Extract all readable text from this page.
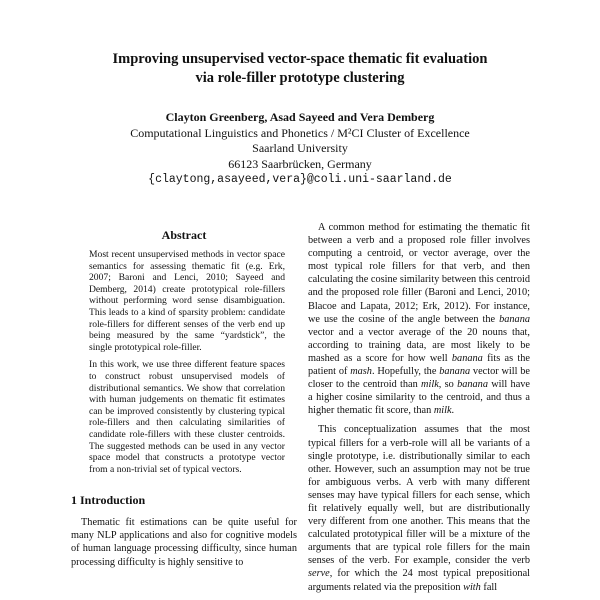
Improving unsupervised vector-space thematic fit evaluation
via role-filler prototype clustering
Clayton Greenberg, Asad Sayeed and Vera Demberg
Computational Linguistics and Phonetics / M²CI Cluster of Excellence
Saarland University
66123 Saarbrücken, Germany
{claytong,asayeed,vera}@coli.uni-saarland.de
Abstract

Most recent unsupervised methods in vector space semantics for assessing thematic fit (e.g. Erk, 2007; Baroni and Lenci, 2010; Sayeed and Demberg, 2014) create prototypical role-fillers without performing word sense disambiguation. This leads to a kind of sparsity problem: candidate role-fillers for different senses of the verb end up being measured by the same “yardstick”, the single prototypical role-filler.

In this work, we use three different feature spaces to construct robust unsupervised models of distributional semantics. We show that correlation with human judgements on thematic fit estimates can be improved consistently by clustering typical role-fillers and then calculating similarities of candidate role-fillers with these cluster centroids. The suggested methods can be used in any vector space model that constructs a prototype vector from a non-trivial set of typical vectors.

1 Introduction

Thematic fit estimations can be quite useful for many NLP applications and also for cognitive models of human language processing difficulty, since human processing difficulty is highly sensitive to

A common method for estimating the thematic fit between a verb and a proposed role filler involves computing a centroid, or vector average, over the most typical role fillers for that verb, and then calculating the cosine similarity between this centroid and the proposed role filler (Baroni and Lenci, 2010; Blacoe and Lapata, 2012; Erk, 2012). For instance, we use the cosine of the angle between the banana vector and a vector average of the 20 nouns that, according to training data, are most likely to be mashed as a score for how well banana fits as the patient of mash. Hopefully, the banana vector will be closer to the centroid than milk, so banana will have a higher cosine similarity to the centroid, and thus a higher thematic fit score, than milk.

This conceptualization assumes that the most typical fillers for a verb-role will all be variants of a single prototype, i.e. distributionally similar to each other. However, such an assumption may not be true for ambiguous verbs. A verb with many different senses may have typical fillers for each sense, which fit relatively equally well, but are distributionally very different from one another. This means that the calculated prototypical filler will be a mixture of the arguments that are typical role fillers for the main senses of the verb. For example, consider the verb serve, for which the 24 most typical prepositional arguments related via the preposition with fall
